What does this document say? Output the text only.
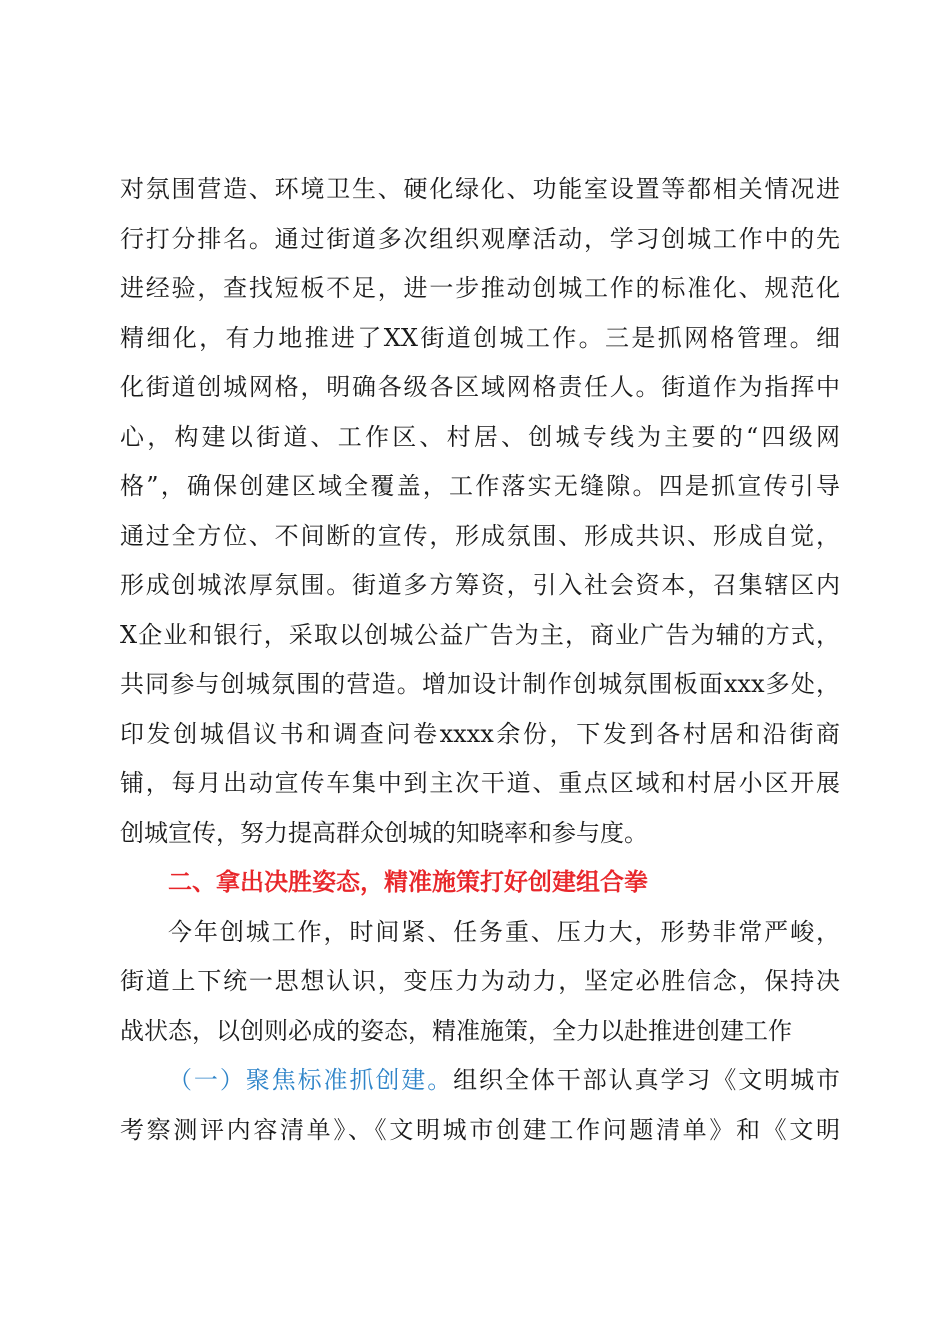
对氛围营造、环境卫生、硬化绿化、功能室设置等都相关情况进
行打分排名。通过街道多次组织观摩活动，学习创城工作中的先
进经验，查找短板不足，进一步推动创城工作的标准化、规范化
精细化，有力地推进了XX街道创城工作。三是抓网格管理。细
化街道创城网格，明确各级各区域网格责任人。街道作为指挥中
心，构建以街道、工作区、村居、创城专线为主要的“四级网
格”，确保创建区域全覆盖，工作落实无缝隙。四是抓宣传引导
通过全方位、不间断的宣传，形成氛围、形成共识、形成自觉，
形成创城浓厚氛围。街道多方筹资，引入社会资本，召集辖区内
X企业和银行，采取以创城公益广告为主，商业广告为辅的方式，
共同参与创城氛围的营造。增加设计制作创城氛围板面xxx多处，
印发创城倡议书和调查问卷xxxx余份，下发到各村居和沿街商
铺，每月出动宣传车集中到主次干道、重点区域和村居小区开展
创城宣传，努力提高群众创城的知晓率和参与度。
二、拿出决胜姿态，精准施策打好创建组合拳
今年创城工作，时间紧、任务重、压力大，形势非常严峻，
街道上下统一思想认识，变压力为动力，坚定必胜信念，保持决
战状态，以创则必成的姿态，精准施策，全力以赴推进创建工作
（一）聚焦标准抓创建。组织全体干部认真学习《文明城市
考察测评内容清单》、《文明城市创建工作问题清单》和《文明
